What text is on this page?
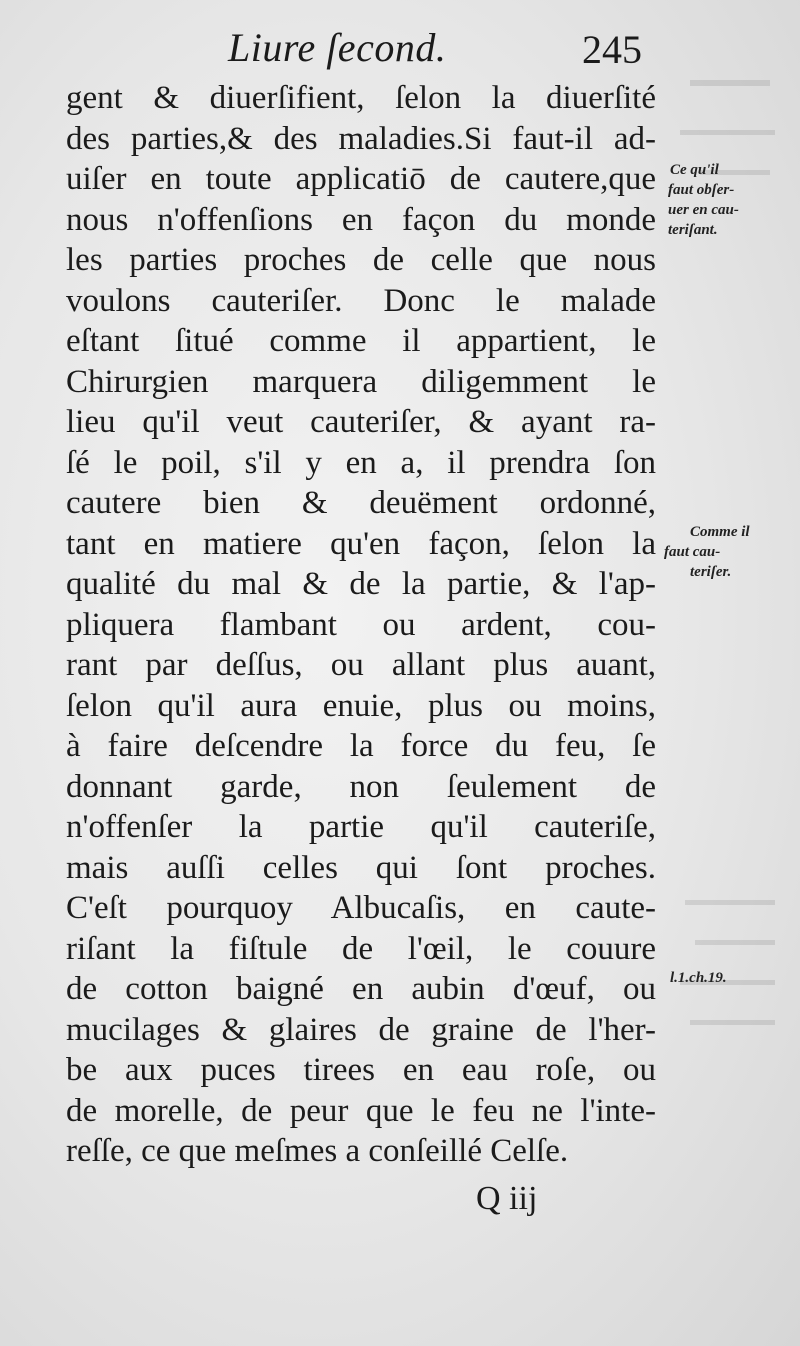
Liure ſecond.	245
gent & diuerſifient, ſelon la diuerſité
des parties,& des maladies.Si faut-il ad-
uiſer en toute applicatiō de cautere,que
nous n'offenſions en façon du monde
les parties proches de celle que nous
voulons cauteriſer. Donc le malade
eſtant ſitué comme il appartient, le
Chirurgien marquera diligemment le
lieu qu'il veut cauteriſer, & ayant ra-
ſé le poil, s'il y en a, il prendra ſon
cautere bien & deuëment ordonné,
tant en matiere qu'en façon, ſelon la
qualité du mal & de la partie, & l'ap-
pliquera flambant ou ardent, cou-
rant par deſſus, ou allant plus auant,
ſelon qu'il aura enuie, plus ou moins,
à faire deſcendre la force du feu, ſe
donnant garde, non ſeulement de
n'offenſer la partie qu'il cauteriſe,
mais auſſi celles qui ſont proches.
C'eſt pourquoy Albucaſis, en caute-
riſant la fiſtule de l'œil, le couure
de cotton baigné en aubin d'œuf, ou
mucilages & glaires de graine de l'her-
be aux puces tirees en eau roſe, ou
de morelle, de peur que le feu ne l'inte-
reſſe, ce que meſmes a conſeillé Celſe.
Ce qu'il
faut obſer-
uer en cau-
teriſant.
Comme il
faut cau-
teriſer.
l.1.ch.19.
Q iij
